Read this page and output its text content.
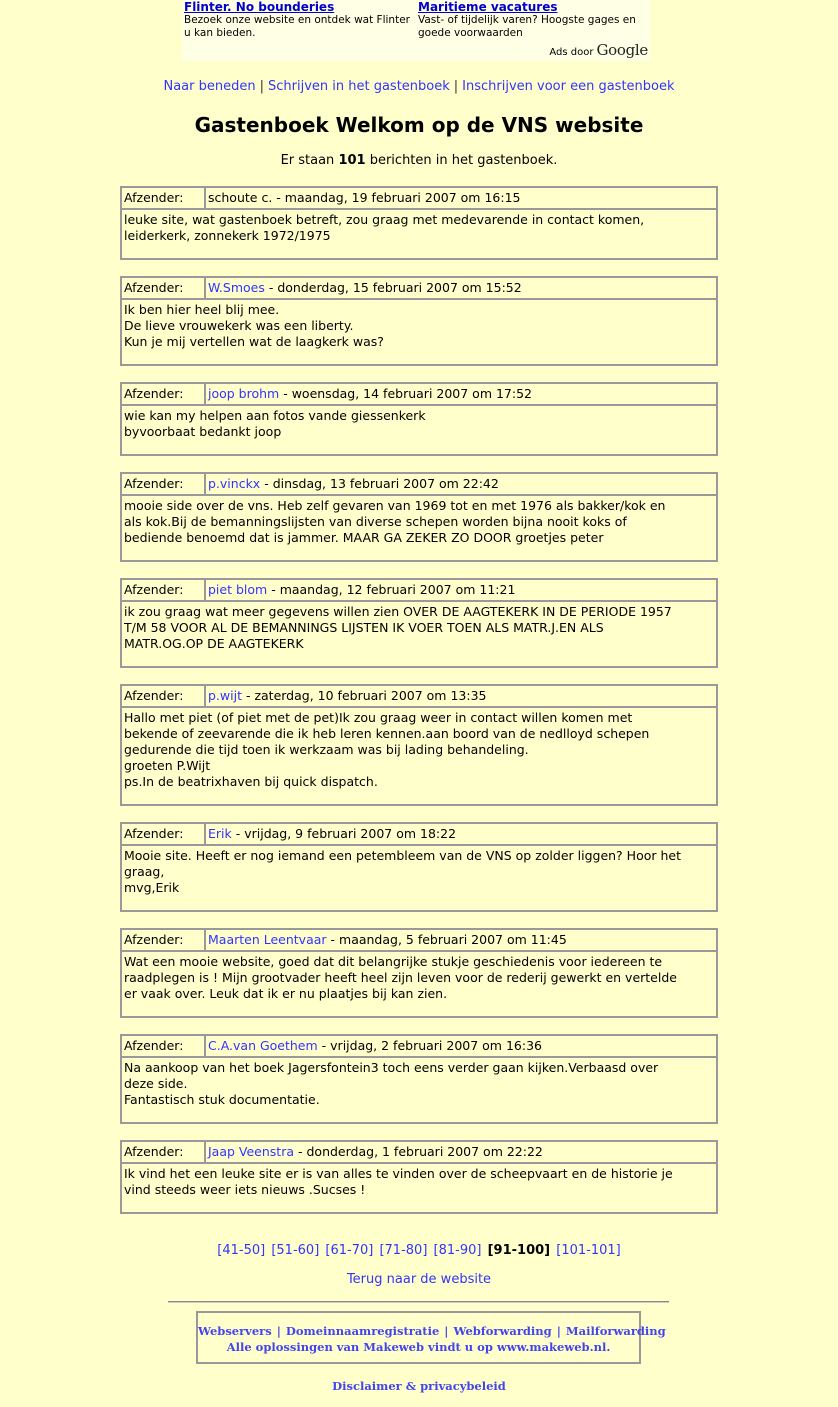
Flinter. No bounderies
Bezoek onze website en ontdek wat Flinter u kan bieden.
Maritieme vacatures
Vast- of tijdelijk varen? Hoogste gages en goede voorwaarden
Ads door Google
Naar beneden | Schrijven in het gastenboek | Inschrijven voor een gastenboek
Gastenboek Welkom op de VNS website
Er staan 101 berichten in het gastenboek.
Afzender:	schoute c. - maandag, 19 februari 2007 om 16:15
leuke site, wat gastenboek betreft, zou graag met medevarende in contact komen,
leiderkerk, zonnekerk 1972/1975
Afzender:	W.Smoes - donderdag, 15 februari 2007 om 15:52
Ik ben hier heel blij mee.
De lieve vrouwekerk was een liberty.
Kun je mij vertellen wat de laagkerk was?
Afzender:	joop brohm - woensdag, 14 februari 2007 om 17:52
wie kan my helpen aan fotos vande giessenkerk
byvoorbaat bedankt joop
Afzender:	p.vinckx - dinsdag, 13 februari 2007 om 22:42
mooie side over de vns. Heb zelf gevaren van 1969 tot en met 1976 als bakker/kok en
als kok.Bij de bemanningslijsten van diverse schepen worden bijna nooit koks of
bediende benoemd dat is jammer. MAAR GA ZEKER ZO DOOR groetjes peter
Afzender:	piet blom - maandag, 12 februari 2007 om 11:21
ik zou graag wat meer gegevens willen zien OVER DE AAGTEKERK IN DE PERIODE 1957
T/M 58 VOOR AL DE BEMANNINGS LIJSTEN IK VOER TOEN ALS MATR.J.EN ALS
MATR.OG.OP DE AAGTEKERK
Afzender:	p.wijt - zaterdag, 10 februari 2007 om 13:35
Hallo met piet (of piet met de pet)Ik zou graag weer in contact willen komen met
bekende of zeevarende die ik heb leren kennen.aan boord van de nedlloyd schepen
gedurende die tijd toen ik werkzaam was bij lading behandeling.
groeten P.Wijt
ps.In de beatrixhaven bij quick dispatch.
Afzender:	Erik - vrijdag, 9 februari 2007 om 18:22
Mooie site. Heeft er nog iemand een petembleem van de VNS op zolder liggen? Hoor het
graag,
mvg,Erik
Afzender:	Maarten Leentvaar - maandag, 5 februari 2007 om 11:45
Wat een mooie website, goed dat dit belangrijke stukje geschiedenis voor iedereen te
raadplegen is ! Mijn grootvader heeft heel zijn leven voor de rederij gewerkt en vertelde
er vaak over. Leuk dat ik er nu plaatjes bij kan zien.
Afzender:	C.A.van Goethem - vrijdag, 2 februari 2007 om 16:36
Na aankoop van het boek Jagersfontein3 toch eens verder gaan kijken.Verbaasd over
deze side.
Fantastisch stuk documentatie.
Afzender:	Jaap Veenstra - donderdag, 1 februari 2007 om 22:22
Ik vind het een leuke site er is van alles te vinden over de scheepvaart en de historie je
vind steeds weer iets nieuws .Sucses !
[41-50] [51-60] [61-70] [71-80] [81-90] [91-100] [101-101]
Terug naar de website
Webservers | Domeinnaamregistratie | Webforwarding | Mailforwarding
Alle oplossingen van Makeweb vindt u op www.makeweb.nl.
Disclaimer & privacybeleid
